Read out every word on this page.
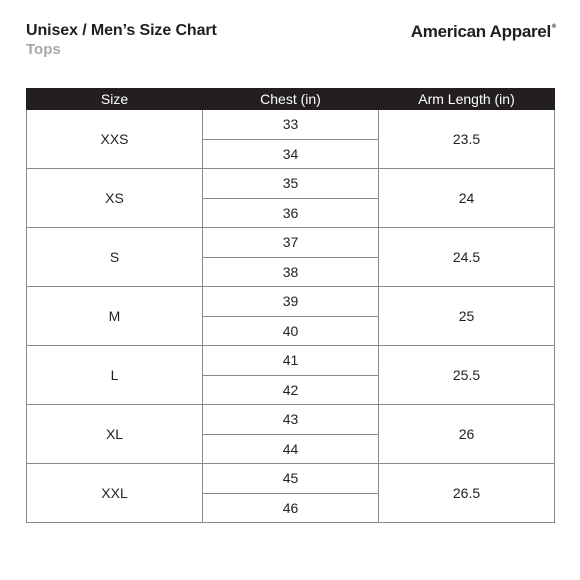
Unisex / Men’s Size Chart
Tops
American Apparel®
Size	Chest (in)	Arm Length (in)
XXS	33	23.5
	34	
XS	35	24
	36	
S	37	24.5
	38	
M	39	25
	40	
L	41	25.5
	42	
XL	43	26
	44	
XXL	45	26.5
	46	
